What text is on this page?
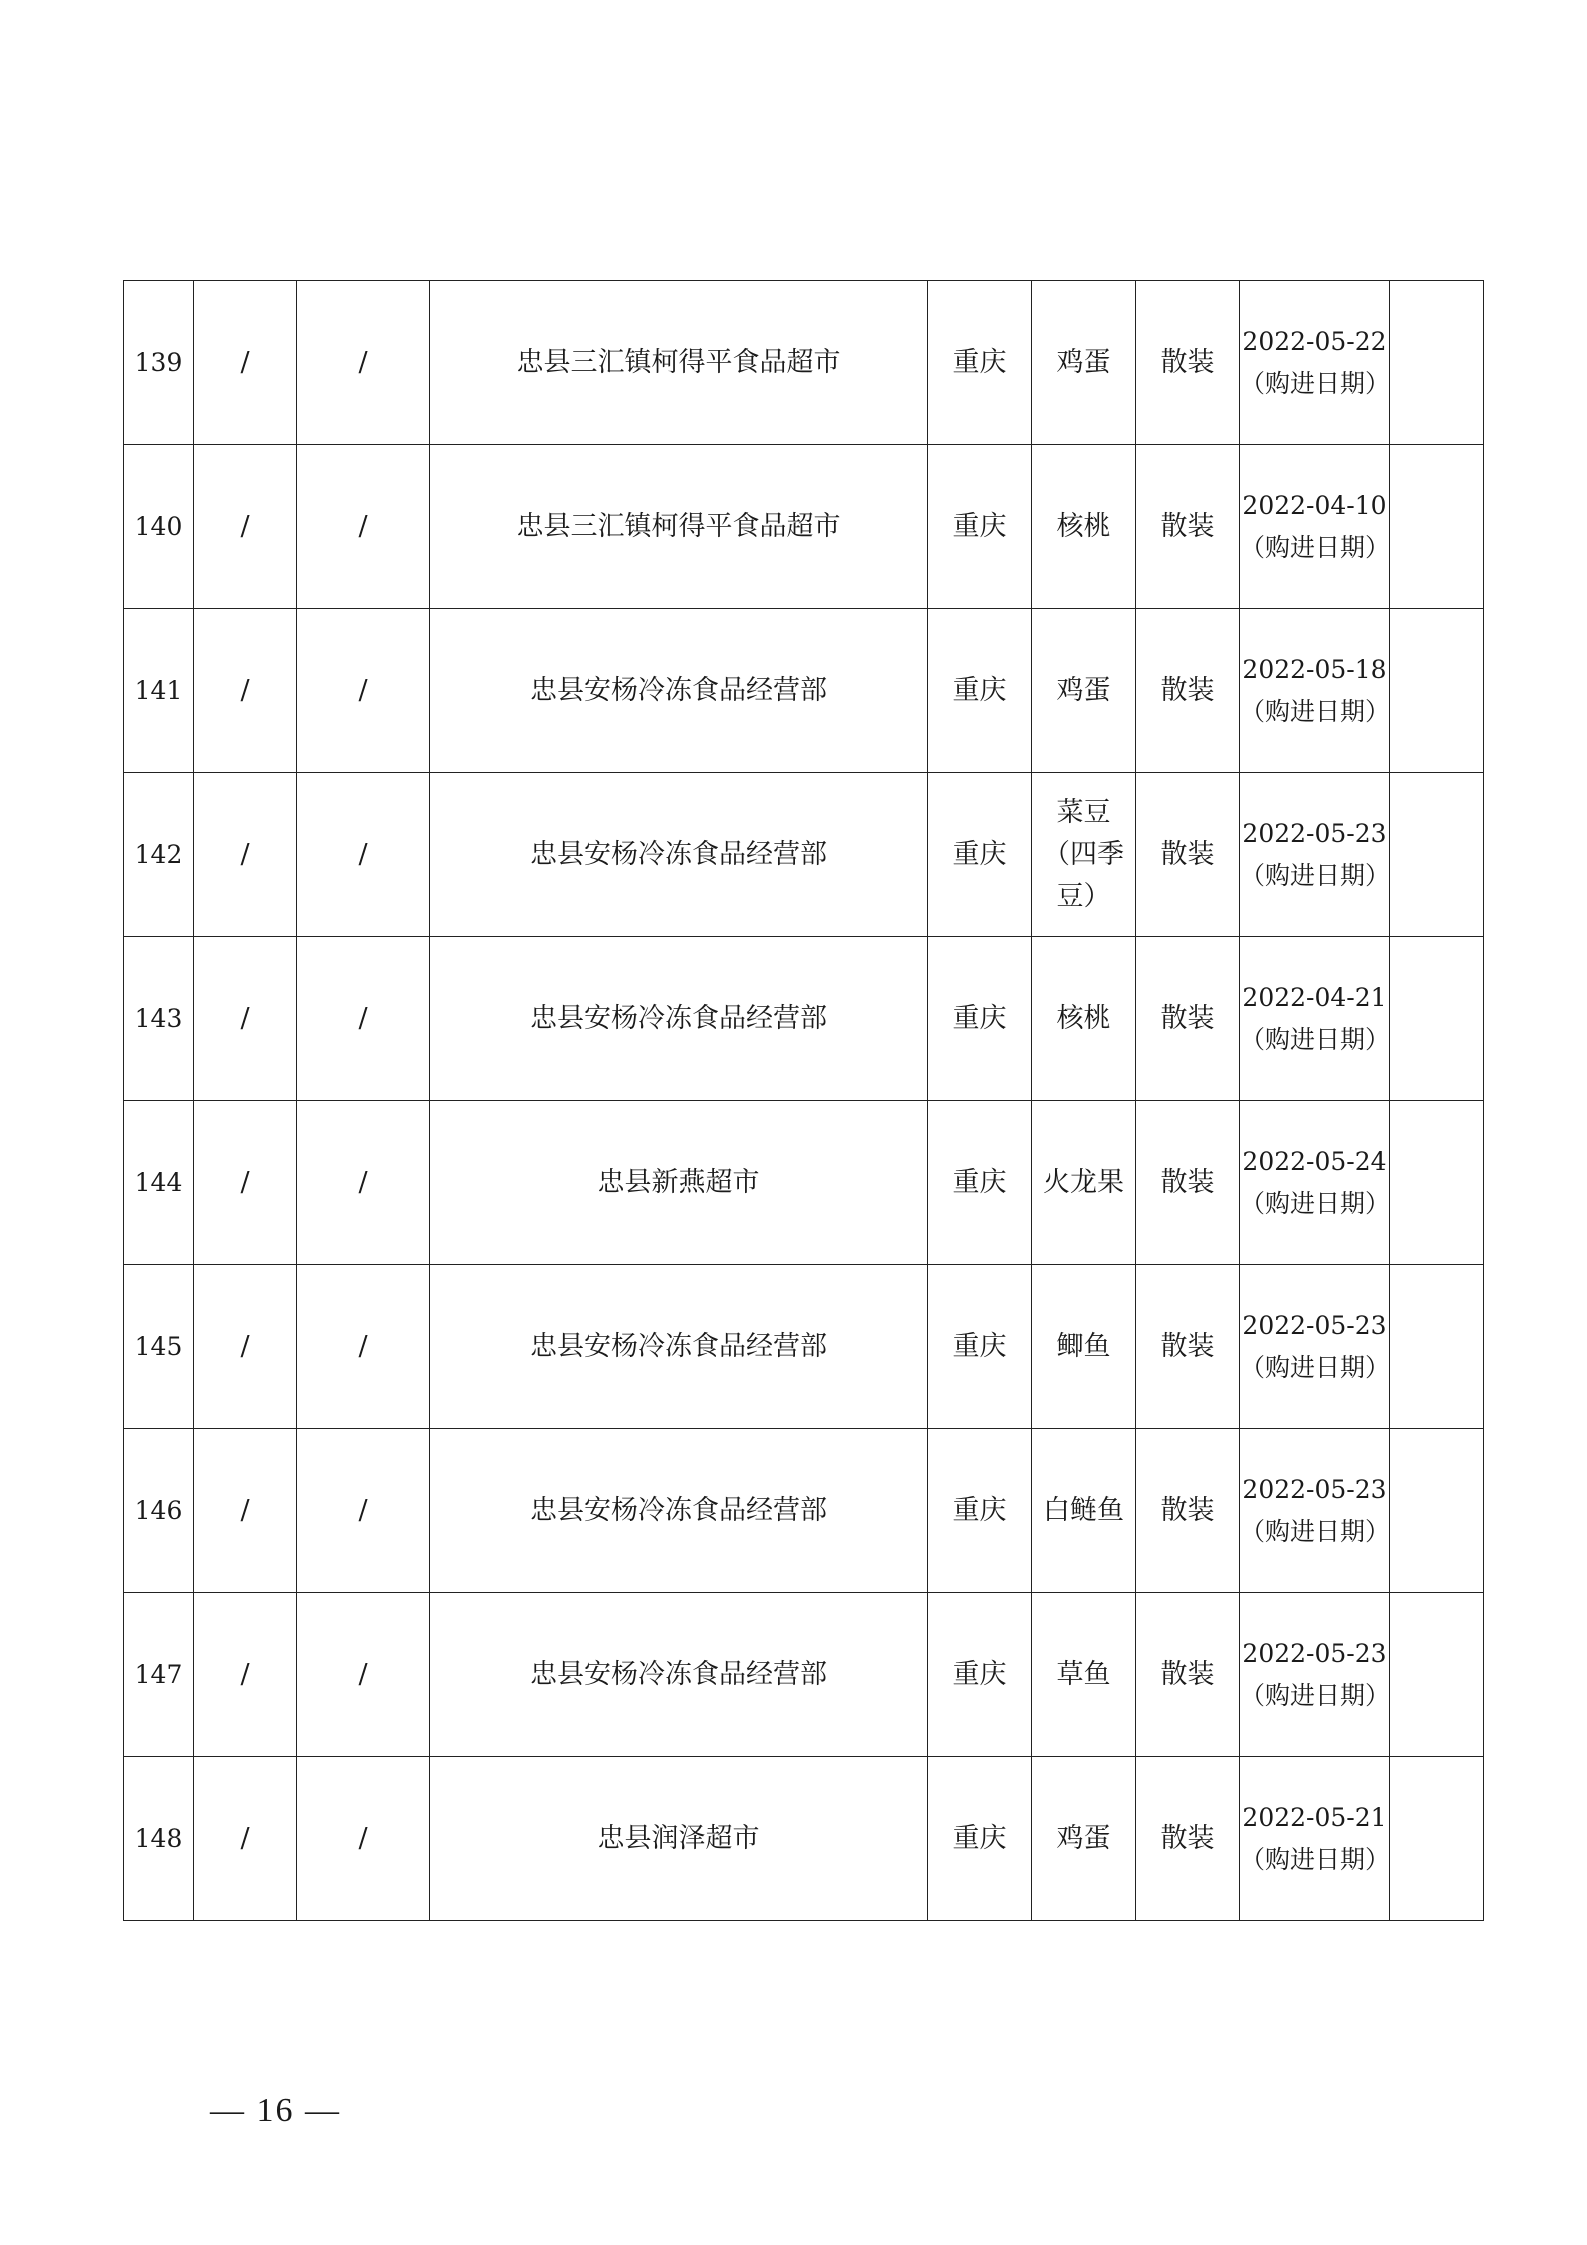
139	/	/	忠县三汇镇柯得平食品超市	重庆	鸡蛋	散装	2022-05-22（购进日期）	
140	/	/	忠县三汇镇柯得平食品超市	重庆	核桃	散装	2022-04-10（购进日期）	
141	/	/	忠县安杨冷冻食品经营部	重庆	鸡蛋	散装	2022-05-18（购进日期）	
142	/	/	忠县安杨冷冻食品经营部	重庆	菜豆（四季豆）	散装	2022-05-23（购进日期）	
143	/	/	忠县安杨冷冻食品经营部	重庆	核桃	散装	2022-04-21（购进日期）	
144	/	/	忠县新燕超市	重庆	火龙果	散装	2022-05-24（购进日期）	
145	/	/	忠县安杨冷冻食品经营部	重庆	鲫鱼	散装	2022-05-23（购进日期）	
146	/	/	忠县安杨冷冻食品经营部	重庆	白鲢鱼	散装	2022-05-23（购进日期）	
147	/	/	忠县安杨冷冻食品经营部	重庆	草鱼	散装	2022-05-23（购进日期）	
148	/	/	忠县润泽超市	重庆	鸡蛋	散装	2022-05-21（购进日期）	
— 16 —
